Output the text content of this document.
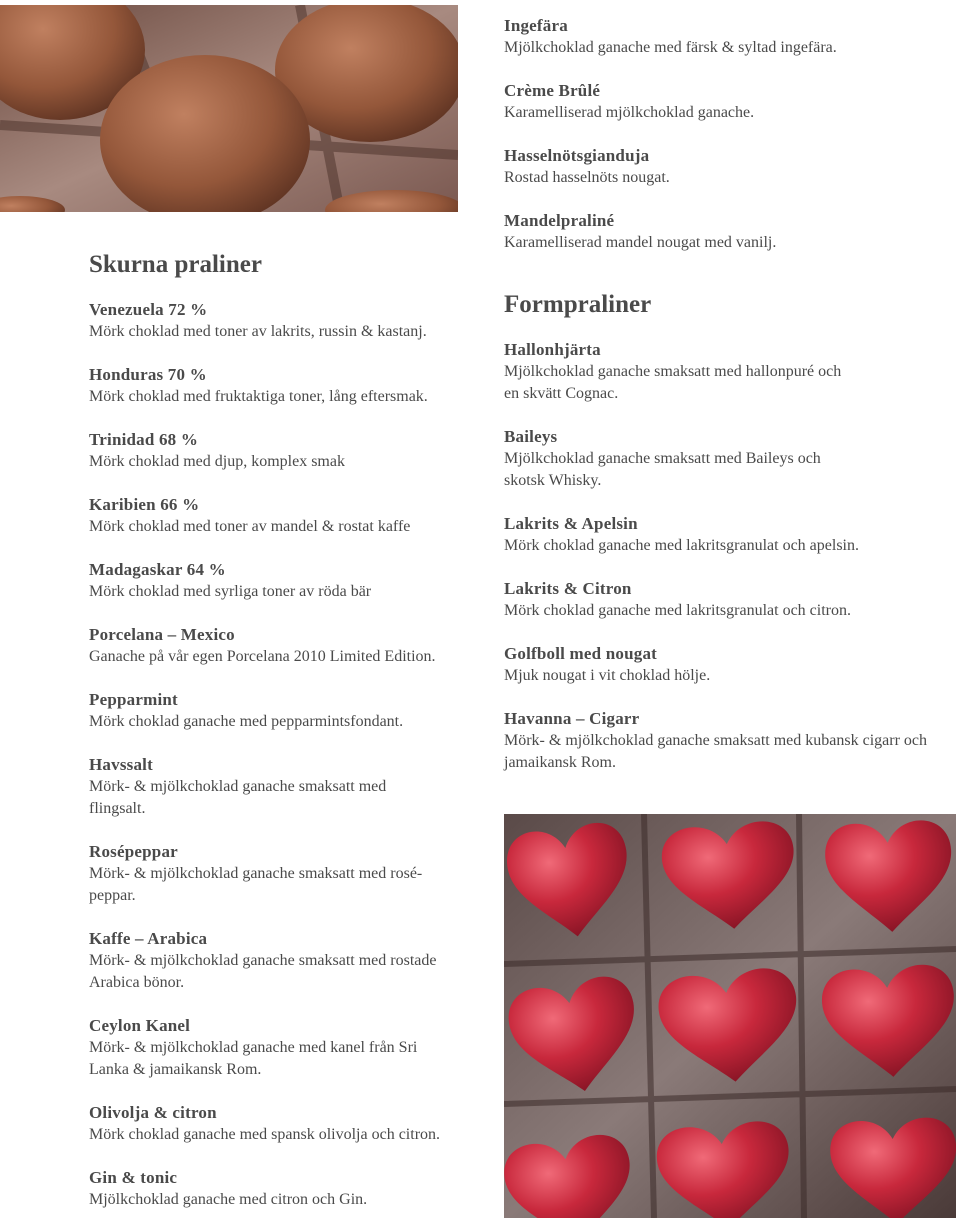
Ingefära
Mjölkchoklad ganache med färsk & syltad ingefära.
Crème Brûlé
Karamelliserad mjölkchoklad ganache.
Hasselnötsgianduja
Rostad hasselnöts nougat.
Mandelpraliné
Karamelliserad mandel nougat med vanilj.
Skurna praliner
Venezuela 72 %
Mörk choklad med toner av lakrits, russin & kastanj.
Honduras 70 %
Mörk choklad med fruktaktiga toner, lång eftersmak.
Trinidad 68 %
Mörk choklad med djup, komplex smak
Karibien 66 %
Mörk choklad med toner av mandel & rostat kaffe
Madagaskar 64 %
Mörk choklad med syrliga toner av röda bär
Porcelana – Mexico
Ganache på vår egen Porcelana 2010 Limited Edition.
Pepparmint
Mörk choklad ganache med pepparmintsfondant.
Havssalt
Mörk- & mjölkchoklad ganache smaksatt med flingsalt.
Rosépeppar
Mörk- & mjölkchoklad ganache smaksatt med rosé-peppar.
Kaffe – Arabica
Mörk- & mjölkchoklad ganache smaksatt med rostade Arabica bönor.
Ceylon Kanel
Mörk- & mjölkchoklad ganache med kanel från Sri Lanka & jamaikansk Rom.
Olivolja & citron
Mörk choklad ganache med spansk olivolja och citron.
Gin & tonic
Mjölkchoklad ganache med citron och Gin.
Formpraliner
Hallonhjärta
Mjölkchoklad ganache smaksatt med hallonpuré och en skvätt Cognac.
Baileys
Mjölkchoklad ganache smaksatt med Baileys och skotsk Whisky.
Lakrits & Apelsin
Mörk choklad ganache med lakritsgranulat och apelsin.
Lakrits & Citron
Mörk choklad ganache med lakritsgranulat och citron.
Golfboll med nougat
Mjuk nougat i vit choklad hölje.
Havanna – Cigarr
Mörk- & mjölkchoklad ganache smaksatt med kubansk cigarr och jamaikansk Rom.
